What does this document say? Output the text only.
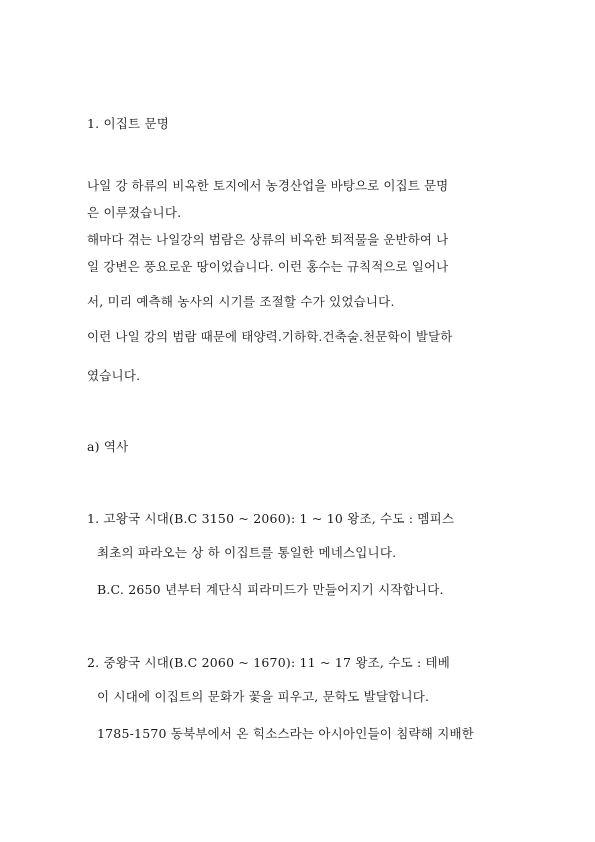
1. 이집트 문명
나일 강 하류의 비옥한 토지에서 농경산업을 바탕으로 이집트 문명
은 이루졌습니다.
해마다 겪는 나일강의 범람은 상류의 비옥한 퇴적물을 운반하여 나
일 강변은 풍요로운 땅이었습니다. 이런 홍수는 규칙적으로 일어나
서, 미리 예측해 농사의 시기를 조절할 수가 있었습니다.
이런 나일 강의 범람 때문에 태양력.기하학.건축술.천문학이 발달하
였습니다.
a) 역사
1. 고왕국 시대(B.C 3150 ~ 2060): 1 ~ 10 왕조, 수도 : 멤피스
최초의 파라오는 상 하 이집트를 통일한 메네스입니다.
B.C. 2650 년부터 계단식 피라미드가 만들어지기 시작합니다.
2. 중왕국 시대(B.C 2060 ~ 1670): 11 ~ 17 왕조, 수도 : 테베
이 시대에 이집트의 문화가 꽃을 피우고, 문학도 발달합니다.
1785-1570 동북부에서 온 힉소스라는 아시아인들이 침략해 지배한
